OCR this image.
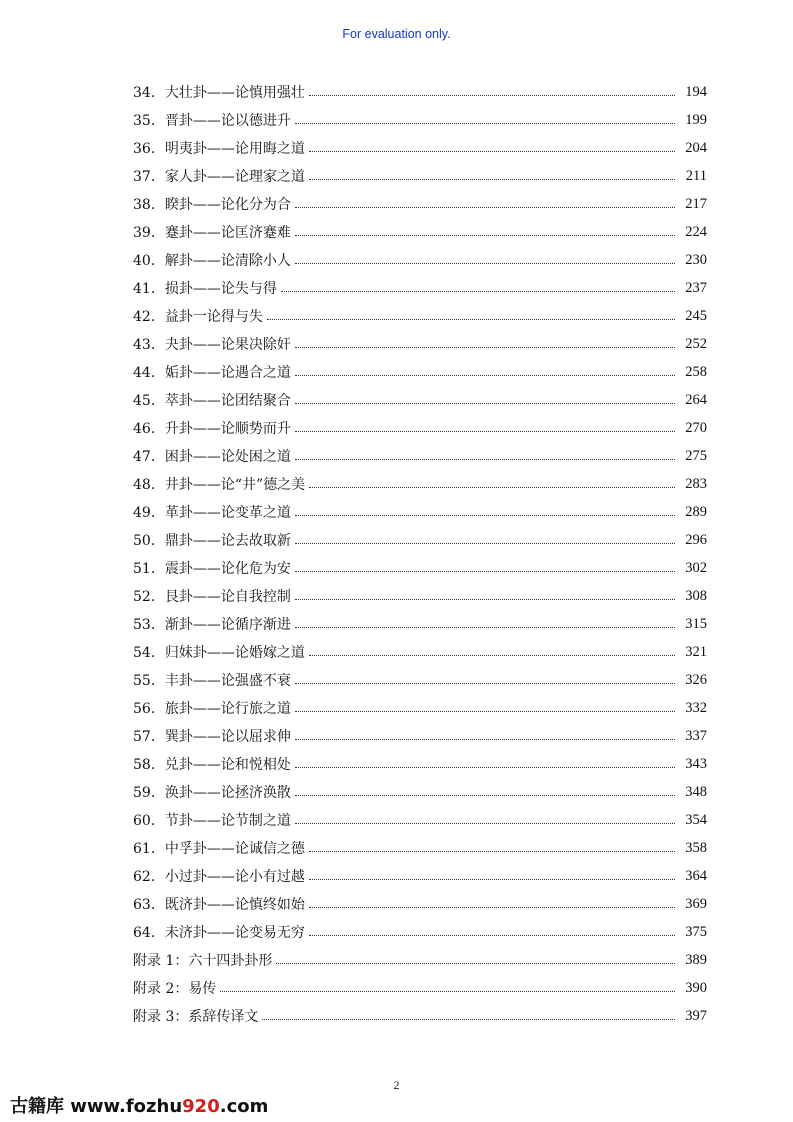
For evaluation only.
34．大壮卦——论慎用强壮	194
35．晋卦——论以德进升	199
36．明夷卦——论用晦之道	204
37．家人卦——论理家之道	211
38．睽卦——论化分为合	217
39．蹇卦——论匡济蹇难	224
40．解卦——论清除小人	230
41．损卦——论失与得	237
42．益卦一论得与失	245
43．夬卦——论果决除奸	252
44．姤卦——论遇合之道	258
45．萃卦——论团结聚合	264
46．升卦——论顺势而升	270
47．困卦——论处困之道	275
48．井卦——论“井”德之美	283
49．革卦——论变革之道	289
50．鼎卦——论去故取新	296
51．震卦——论化危为安	302
52．艮卦——论自我控制	308
53．渐卦——论循序渐进	315
54．归妹卦——论婚嫁之道	321
55．丰卦——论强盛不衰	326
56．旅卦——论行旅之道	332
57．巽卦——论以屈求伸	337
58．兑卦——论和悦相处	343
59．涣卦——论拯济涣散	348
60．节卦——论节制之道	354
61．中孚卦——论诚信之德	358
62．小过卦——论小有过越	364
63．既济卦——论慎终如始	369
64．未济卦——论变易无穷	375
附录 1：六十四卦卦形	389
附录 2：易传	390
附录 3：系辞传译文	397
2
古籍库 www.fozhu920.com
